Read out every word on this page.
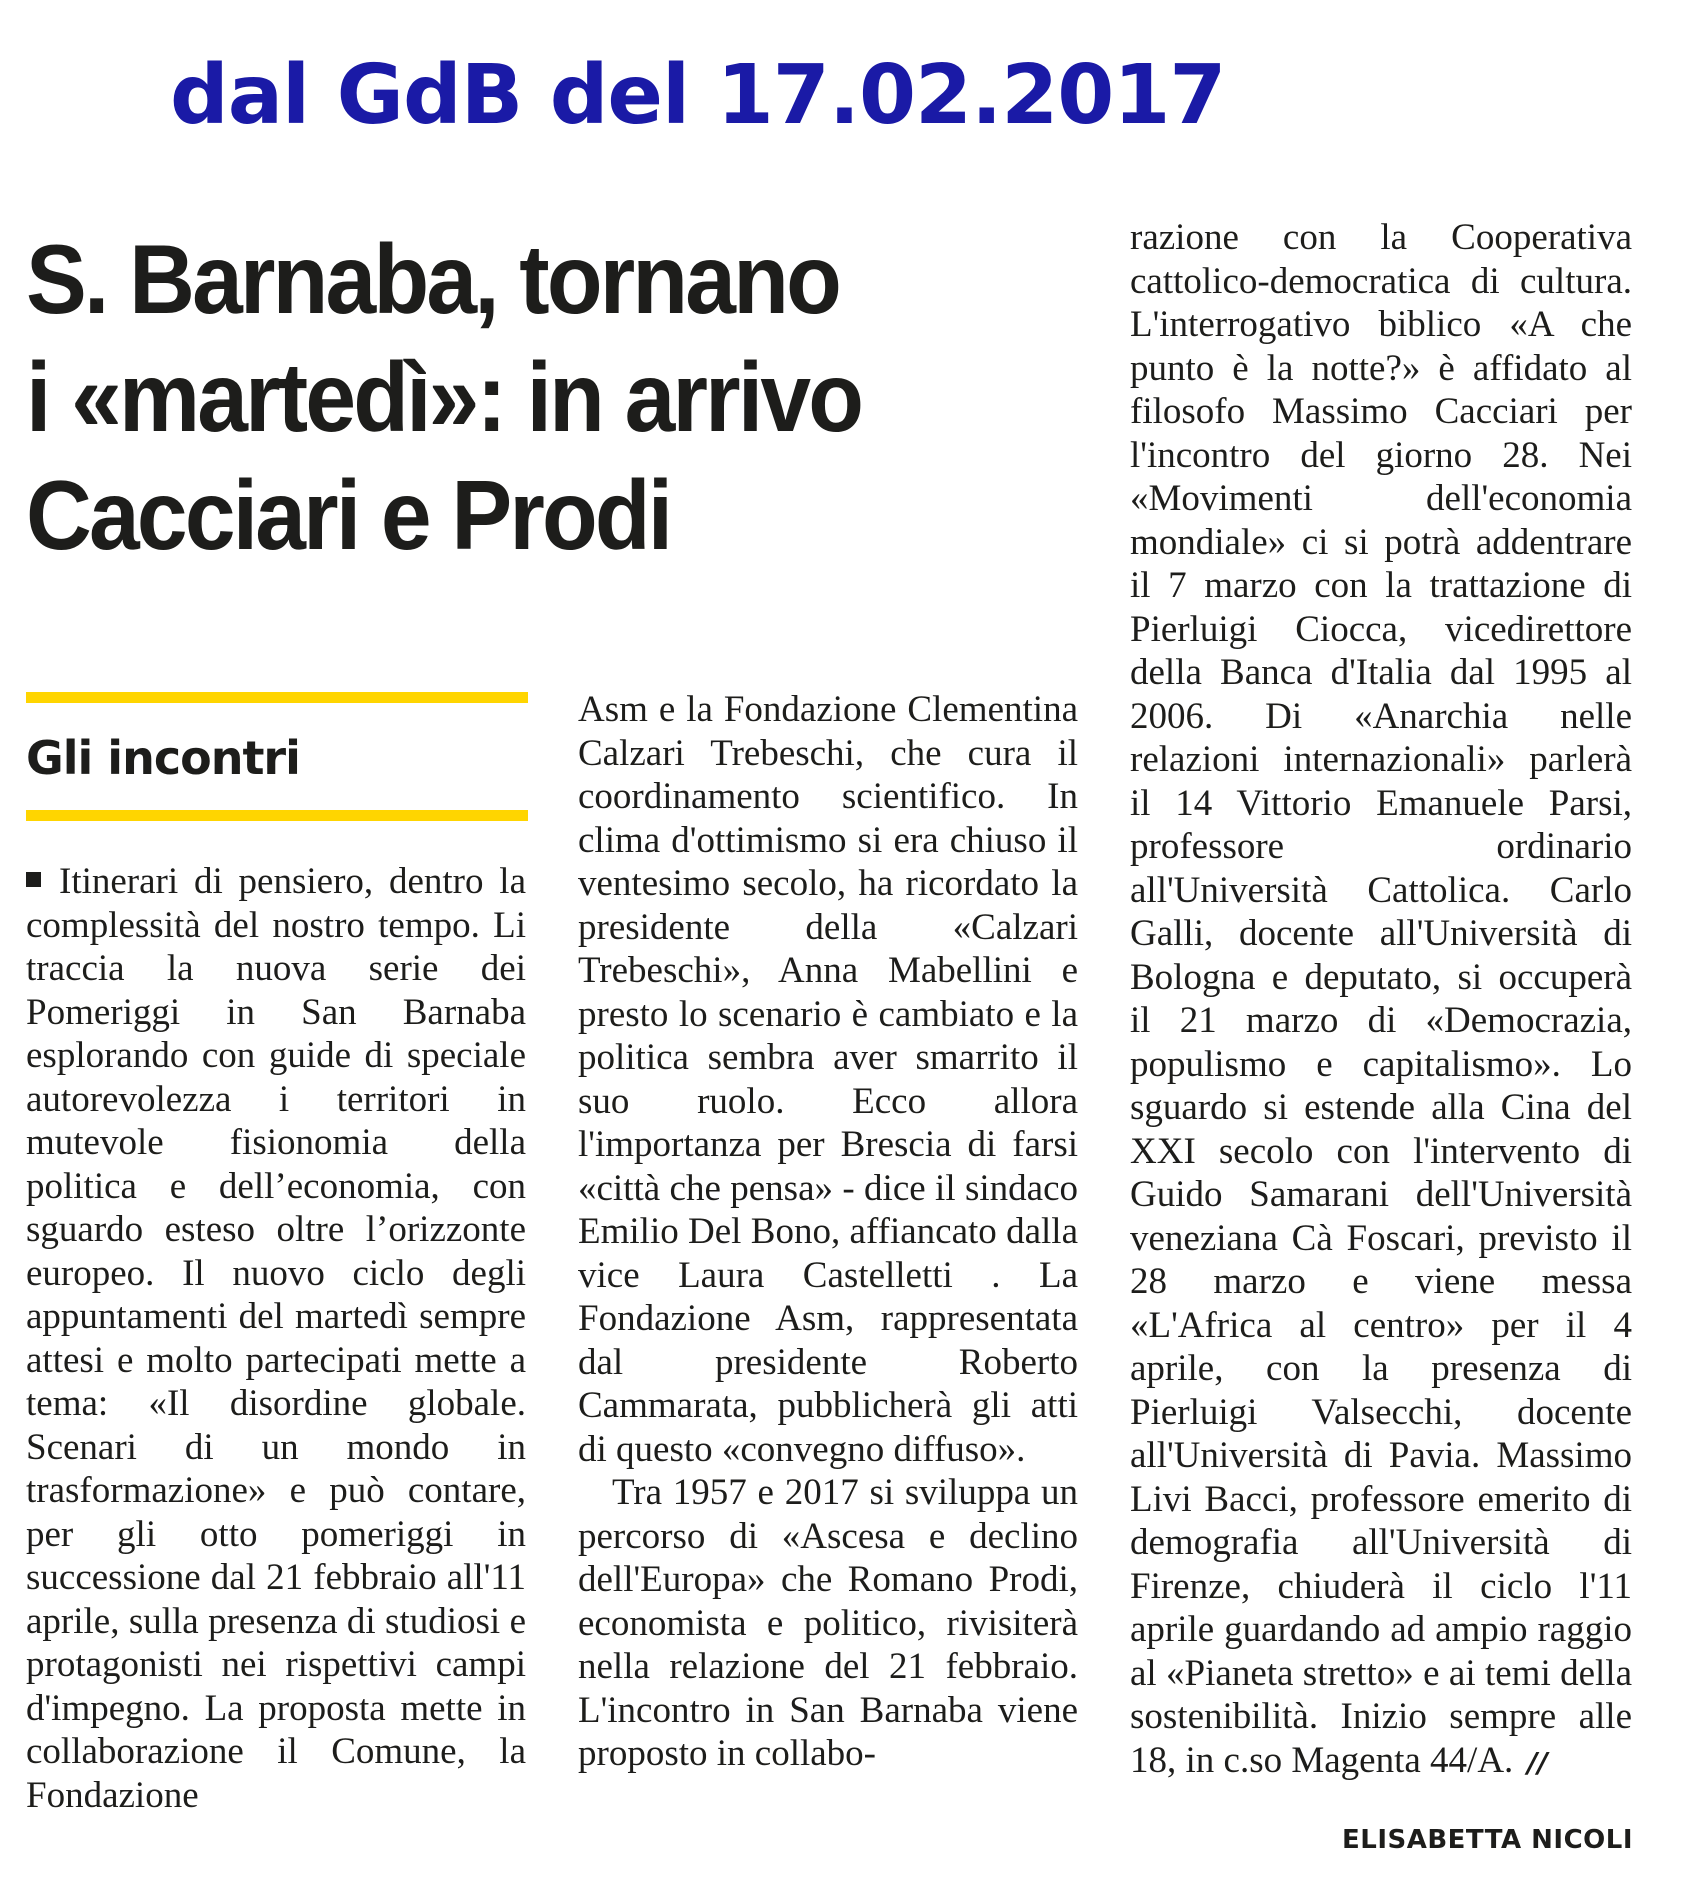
dal GdB del 17.02.2017
S. Barnaba, tornano
i «martedì»: in arrivo
Cacciari e Prodi
Gli incontri

Itinerari di pensiero, dentro la complessità del nostro tempo. Li traccia la nuova serie dei Pomeriggi in San Barnaba esplorando con guide di speciale autorevolezza i territori in mutevole fisionomia della politica e dell’economia, con sguardo esteso oltre l’orizzonte europeo. Il nuovo ciclo degli appuntamenti del martedì sempre attesi e molto partecipati mette a tema: «Il disordine globale. Scenari di un mondo in trasformazione» e può contare, per gli otto pomeriggi in successione dal 21 febbraio all'11 aprile, sulla presenza di studiosi e protagonisti nei rispettivi campi d'impegno. La proposta mette in collaborazione il Comune, la Fondazione

Asm e la Fondazione Clementina Calzari Trebeschi, che cura il coordinamento scientifico. In clima d'ottimismo si era chiuso il ventesimo secolo, ha ricordato la presidente della «Calzari Trebeschi», Anna Mabellini e presto lo scenario è cambiato e la politica sembra aver smarrito il suo ruolo. Ecco allora l'importanza per Brescia di farsi «città che pensa» - dice il sindaco Emilio Del Bono, affiancato dalla vice Laura Castelletti . La Fondazione Asm, rappresentata dal presidente Roberto Cammarata, pubblicherà gli atti di questo «convegno diffuso».

Tra 1957 e 2017 si sviluppa un percorso di «Ascesa e declino dell'Europa» che Romano Prodi, economista e politico, rivisiterà nella relazione del 21 febbraio. L'incontro in San Barnaba viene proposto in collabo-

razione con la Cooperativa cattolico-democratica di cultura. L'interrogativo biblico «A che punto è la notte?» è affidato al filosofo Massimo Cacciari per l'incontro del giorno 28. Nei «Movimenti dell'economia mondiale» ci si potrà addentrare il 7 marzo con la trattazione di Pierluigi Ciocca, vicedirettore della Banca d'Italia dal 1995 al 2006. Di «Anarchia nelle relazioni internazionali» parlerà il 14 Vittorio Emanuele Parsi, professore ordinario all'Università Cattolica. Carlo Galli, docente all'Università di Bologna e deputato, si occuperà il 21 marzo di «Democrazia, populismo e capitalismo». Lo sguardo si estende alla Cina del XXI secolo con l'intervento di Guido Samarani dell'Università veneziana Cà Foscari, previsto il 28 marzo e viene messa «L'Africa al centro» per il 4 aprile, con la presenza di Pierluigi Valsecchi, docente all'Università di Pavia. Massimo Livi Bacci, professore emerito di demografia all'Università di Firenze, chiuderà il ciclo l'11 aprile guardando ad ampio raggio al «Pianeta stretto» e ai temi della sostenibilità. Inizio sempre alle 18, in c.so Magenta 44/A. //

ELISABETTA NICOLI
